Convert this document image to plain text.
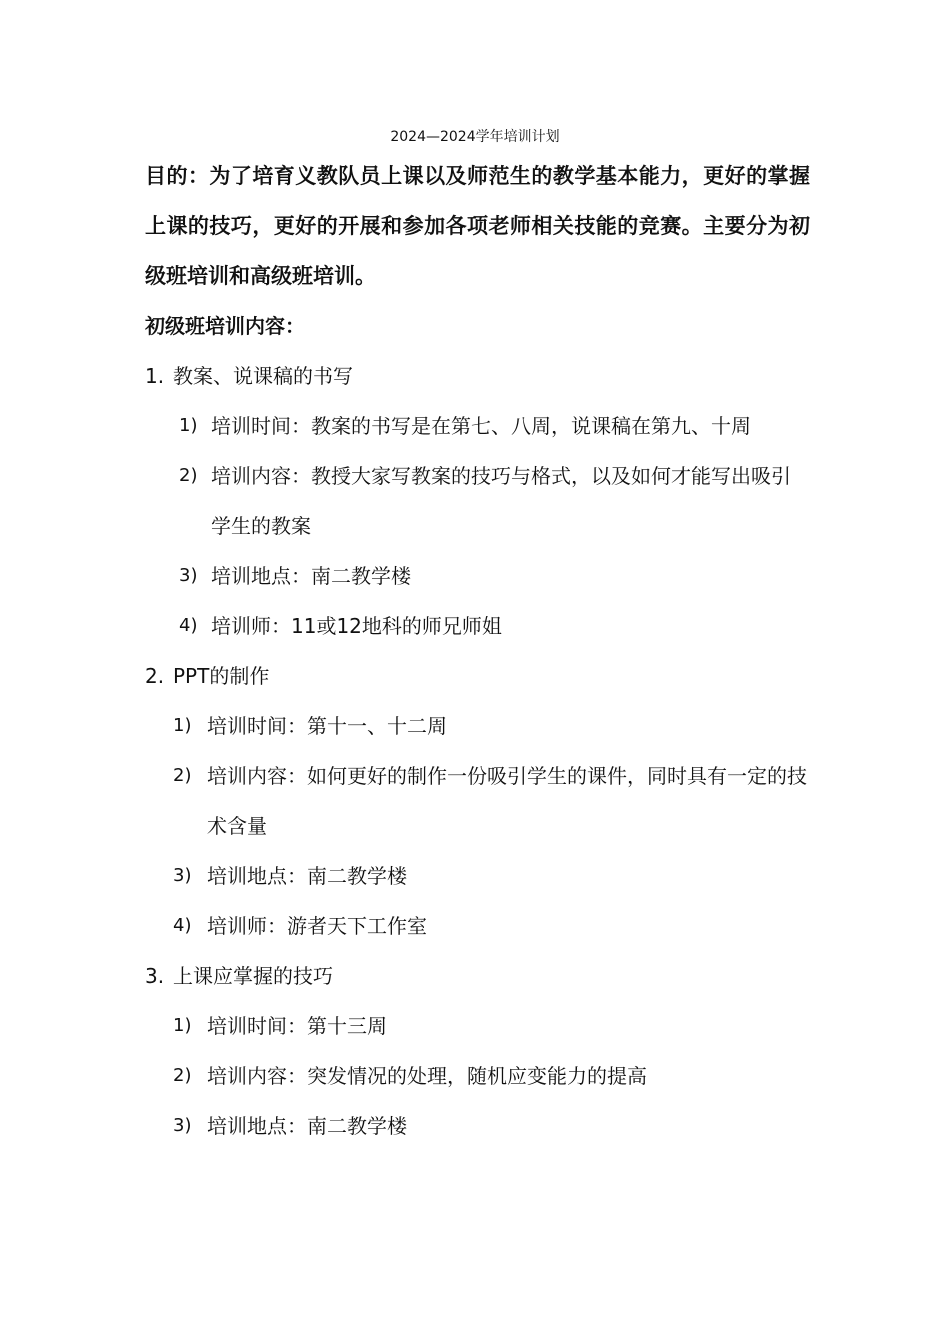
2024—2024学年培训计划

目的：为了培育义教队员上课以及师范生的教学基本能力，更好的掌握上课的技巧，更好的开展和参加各项老师相关技能的竞赛。主要分为初级班培训和高级班培训。

初级班培训内容：

1. 教案、说课稿的书写
1) 培训时间：教案的书写是在第七、八周，说课稿在第九、十周
2) 培训内容：教授大家写教案的技巧与格式，以及如何才能写出吸引学生的教案
3) 培训地点：南二教学楼
4) 培训师：11或12地科的师兄师姐
2. PPT的制作
1) 培训时间：第十一、十二周
2) 培训内容：如何更好的制作一份吸引学生的课件，同时具有一定的技术含量
3) 培训地点：南二教学楼
4) 培训师：游者天下工作室
3. 上课应掌握的技巧
1) 培训时间：第十三周
2) 培训内容：突发情况的处理，随机应变能力的提高
3) 培训地点：南二教学楼
